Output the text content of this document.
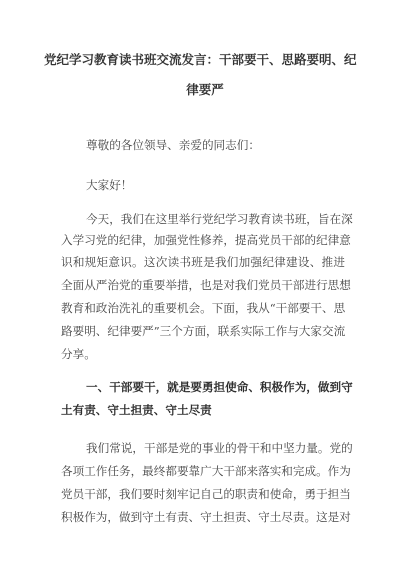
党纪学习教育读书班交流发言：干部要干、思路要明、纪
律要严
尊敬的各位领导、亲爱的同志们：
大家好！
今天，我们在这里举行党纪学习教育读书班，旨在深
入学习党的纪律，加强党性修养，提高党员干部的纪律意
识和规矩意识。这次读书班是我们加强纪律建设、推进
全面从严治党的重要举措，也是对我们党员干部进行思想
教育和政治洗礼的重要机会。下面，我从“干部要干、思
路要明、纪律要严”三个方面，联系实际工作与大家交流
分享。
一、干部要干，就是要勇担使命、积极作为，做到守
土有责、守土担责、守土尽责
我们常说，干部是党的事业的骨干和中坚力量。党的
各项工作任务，最终都要靠广大干部来落实和完成。作为
党员干部，我们要时刻牢记自己的职责和使命，勇于担当
积极作为，做到守土有责、守土担责、守土尽责。这是对
